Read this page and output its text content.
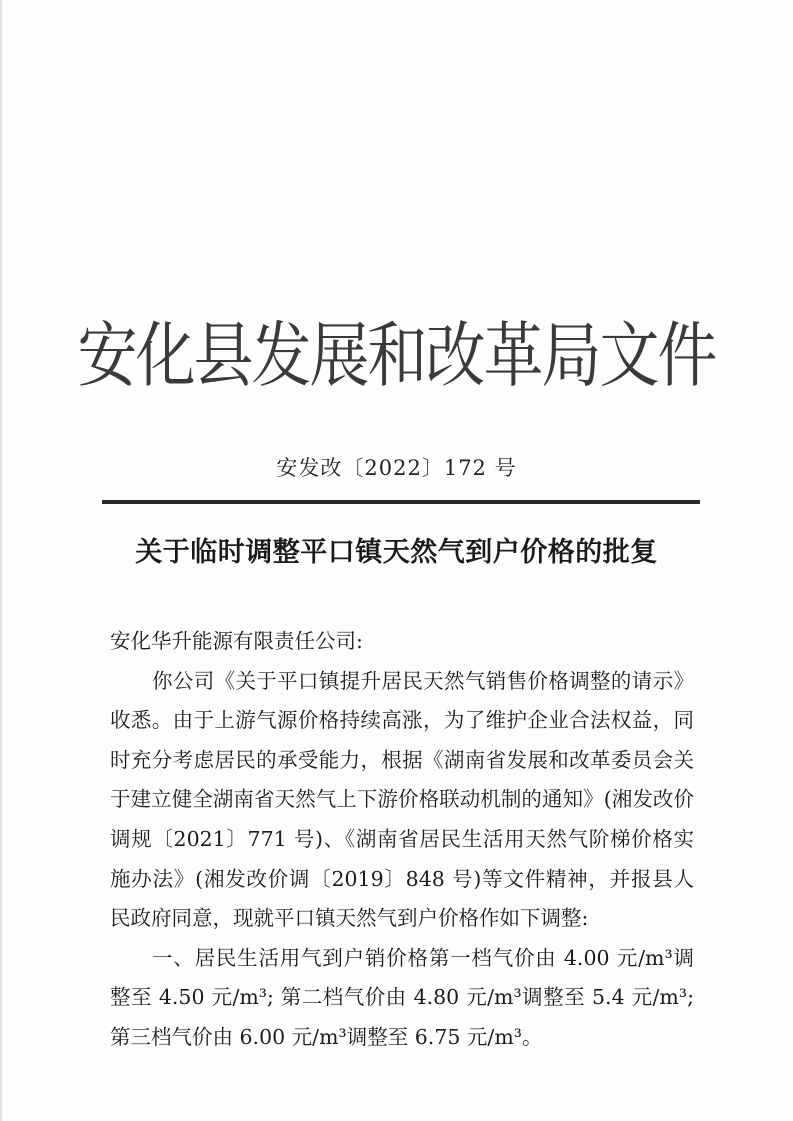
安化县发展和改革局文件
安发改〔2022〕172 号
关于临时调整平口镇天然气到户价格的批复

安化华升能源有限责任公司:

你公司《关于平口镇提升居民天然气销售价格调整的请示》收悉。由于上游气源价格持续高涨，为了维护企业合法权益，同时充分考虑居民的承受能力，根据《湖南省发展和改革委员会关于建立健全湖南省天然气上下游价格联动机制的通知》(湘发改价调规〔2021〕771 号)、《湖南省居民生活用天然气阶梯价格实施办法》(湘发改价调〔2019〕848 号)等文件精神，并报县人民政府同意，现就平口镇天然气到户价格作如下调整:

一、居民生活用气到户销价格第一档气价由 4.00 元/m³调整至 4.50 元/m³; 第二档气价由 4.80 元/m³调整至 5.4 元/m³; 第三档气价由 6.00 元/m³调整至 6.75 元/m³。
